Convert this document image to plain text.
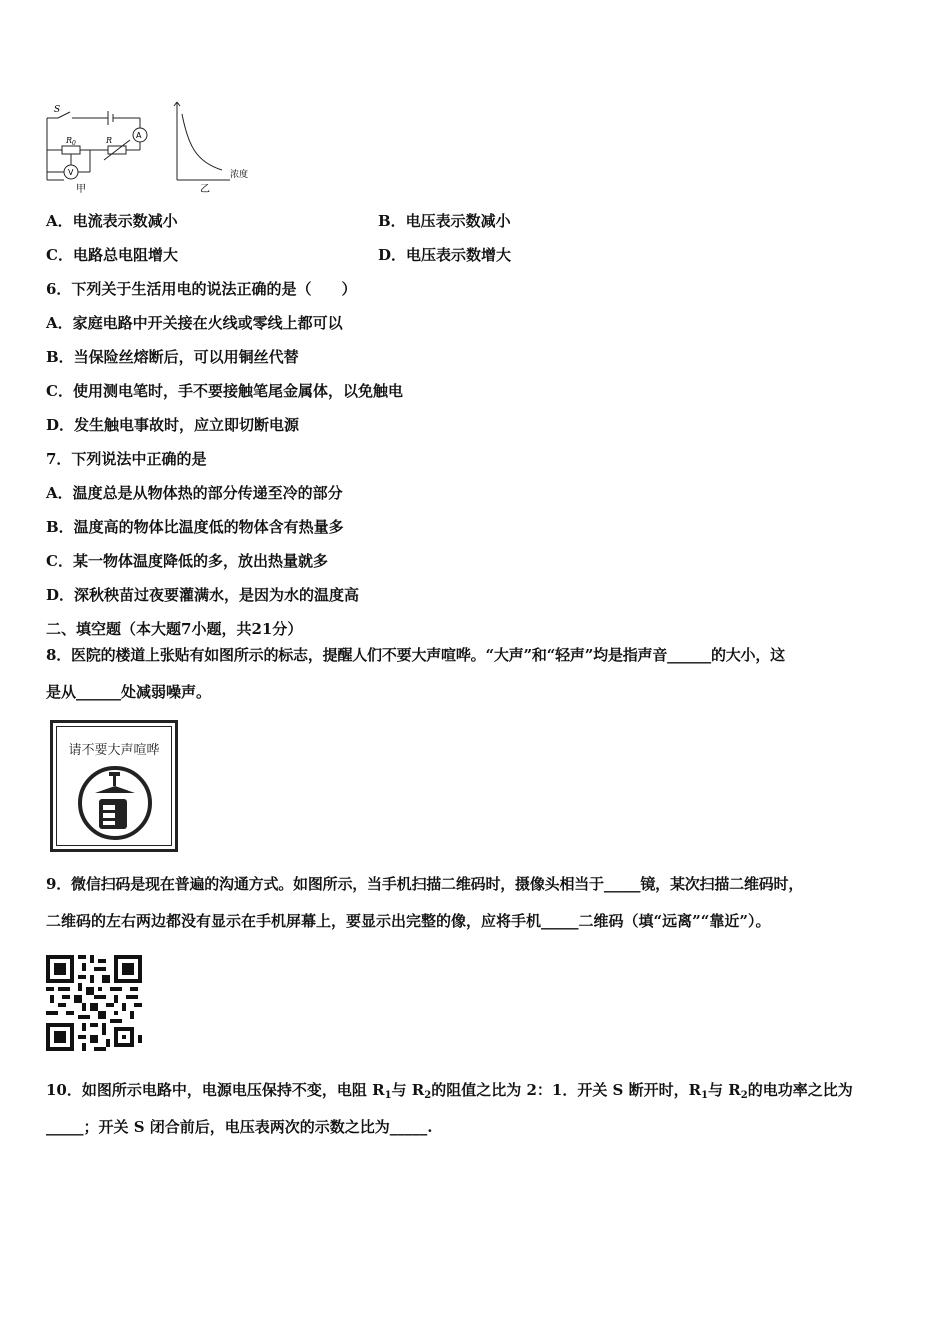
S
$R_0$	R
A
V
甲
浓度
乙
A．电流表示数减小	B．电压表示数减小
C．电路总电阻增大	D．电压表示数增大
6．下列关于生活用电的说法正确的是（　　）
A．家庭电路中开关接在火线或零线上都可以
B．当保险丝熔断后，可以用铜丝代替
C．使用测电笔时，手不要接触笔尾金属体，以免触电
D．发生触电事故时，应立即切断电源
7．下列说法中正确的是
A．温度总是从物体热的部分传递至冷的部分
B．温度高的物体比温度低的物体含有热量多
C．某一物体温度降低的多，放出热量就多
D．深秋秧苗过夜要灌满水，是因为水的温度高
二、填空题（本大题7小题，共21分）
8．医院的楼道上张贴有如图所示的标志，提醒人们不要大声喧哗。“大声”和“轻声”均是指声音______的大小，这
是从______处减弱噪声。
请不要大声喧哗
9．微信扫码是现在普遍的沟通方式。如图所示，当手机扫描二维码时，摄像头相当于_____镜，某次扫描二维码时，
二维码的左右两边都没有显示在手机屏幕上，要显示出完整的像，应将手机_____二维码（填“远离”“靠近”）。
10．如图所示电路中，电源电压保持不变，电阻 $R_1$与 $R_2$的阻值之比为 2：1．开关 S 断开时，$R_1$与 $R_2$的电功率之比为
_____；开关 S 闭合前后，电压表两次的示数之比为_____.
